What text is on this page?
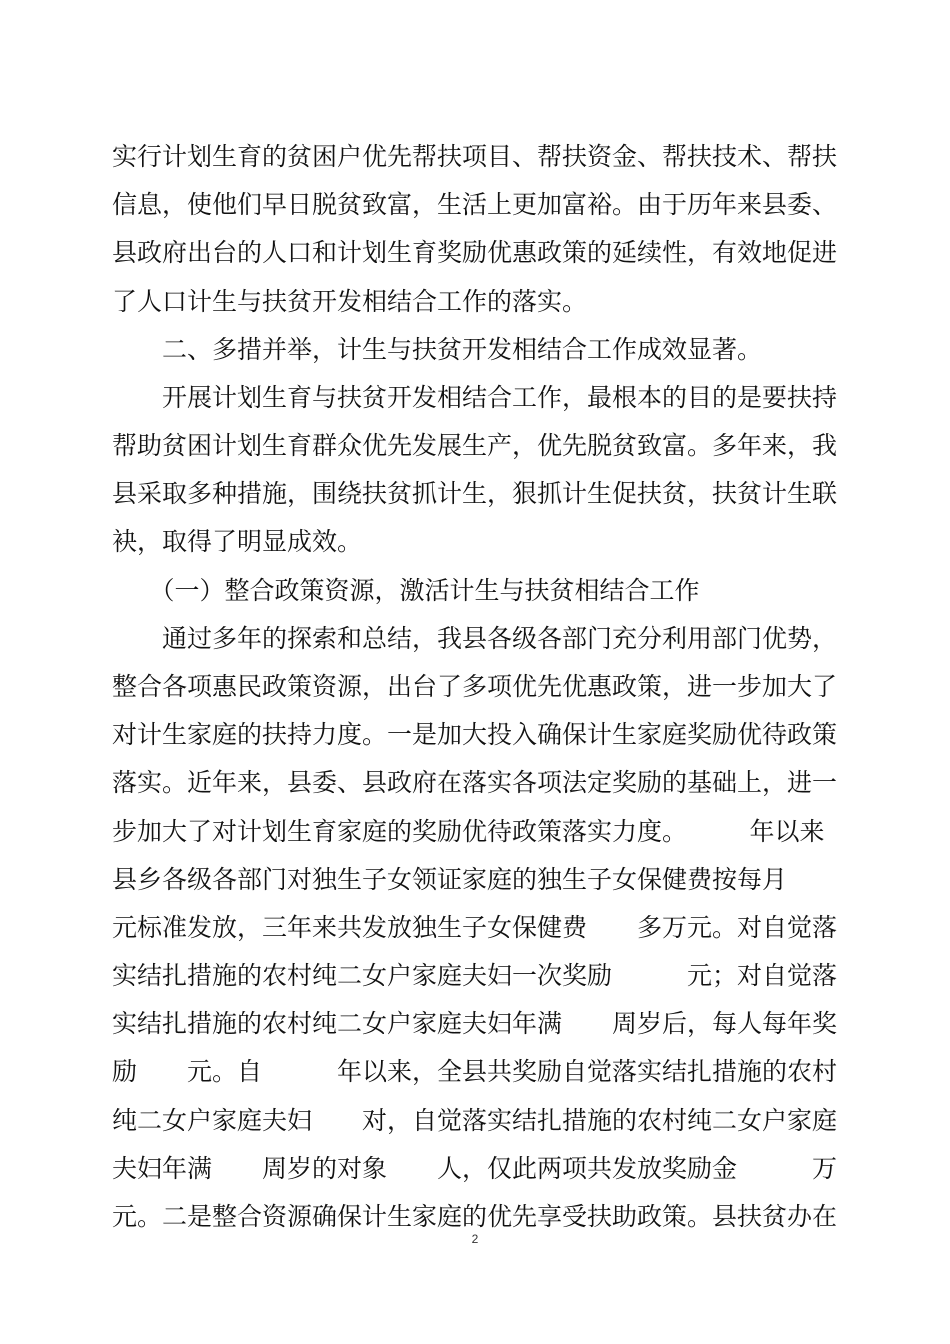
实行计划生育的贫困户优先帮扶项目、帮扶资金、帮扶技术、帮扶
信息，使他们早日脱贫致富，生活上更加富裕。由于历年来县委、
县政府出台的人口和计划生育奖励优惠政策的延续性，有效地促进
了人口计生与扶贫开发相结合工作的落实。
　　二、多措并举，计生与扶贫开发相结合工作成效显著。
　　开展计划生育与扶贫开发相结合工作，最根本的目的是要扶持
帮助贫困计划生育群众优先发展生产，优先脱贫致富。多年来，我
县采取多种措施，围绕扶贫抓计生，狠抓计生促扶贫，扶贫计生联
袂，取得了明显成效。
　　（一）整合政策资源，激活计生与扶贫相结合工作
　　通过多年的探索和总结，我县各级各部门充分利用部门优势，
整合各项惠民政策资源，出台了多项优先优惠政策，进一步加大了
对计生家庭的扶持力度。一是加大投入确保计生家庭奖励优待政策
落实。近年来，县委、县政府在落实各项法定奖励的基础上，进一
步加大了对计划生育家庭的奖励优待政策落实力度。　　　年以来
县乡各级各部门对独生子女领证家庭的独生子女保健费按每月
元标准发放，三年来共发放独生子女保健费　　多万元。对自觉落
实结扎措施的农村纯二女户家庭夫妇一次奖励　　　元；对自觉落
实结扎措施的农村纯二女户家庭夫妇年满　　周岁后，每人每年奖
励　　元。自　　　年以来，全县共奖励自觉落实结扎措施的农村
纯二女户家庭夫妇　　对，自觉落实结扎措施的农村纯二女户家庭
夫妇年满　　周岁的对象　　人，仅此两项共发放奖励金　　　万
元。二是整合资源确保计生家庭的优先享受扶助政策。县扶贫办在
2
